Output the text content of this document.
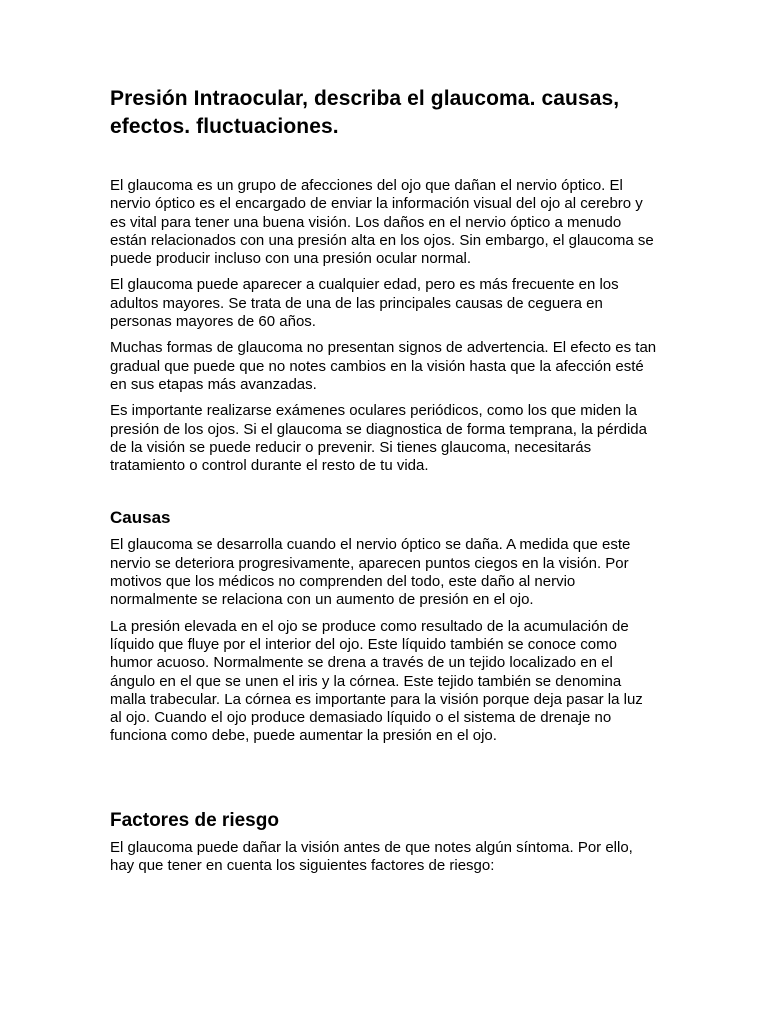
Presión Intraocular, describa el glaucoma. causas, efectos. fluctuaciones.

El glaucoma es un grupo de afecciones del ojo que dañan el nervio óptico. El nervio óptico es el encargado de enviar la información visual del ojo al cerebro y es vital para tener una buena visión. Los daños en el nervio óptico a menudo están relacionados con una presión alta en los ojos. Sin embargo, el glaucoma se puede producir incluso con una presión ocular normal.

El glaucoma puede aparecer a cualquier edad, pero es más frecuente en los adultos mayores. Se trata de una de las principales causas de ceguera en personas mayores de 60 años.

Muchas formas de glaucoma no presentan signos de advertencia. El efecto es tan gradual que puede que no notes cambios en la visión hasta que la afección esté en sus etapas más avanzadas.

Es importante realizarse exámenes oculares periódicos, como los que miden la presión de los ojos. Si el glaucoma se diagnostica de forma temprana, la pérdida de la visión se puede reducir o prevenir. Si tienes glaucoma, necesitarás tratamiento o control durante el resto de tu vida.

Causas

El glaucoma se desarrolla cuando el nervio óptico se daña. A medida que este nervio se deteriora progresivamente, aparecen puntos ciegos en la visión. Por motivos que los médicos no comprenden del todo, este daño al nervio normalmente se relaciona con un aumento de presión en el ojo.

La presión elevada en el ojo se produce como resultado de la acumulación de líquido que fluye por el interior del ojo. Este líquido también se conoce como humor acuoso. Normalmente se drena a través de un tejido localizado en el ángulo en el que se unen el iris y la córnea. Este tejido también se denomina malla trabecular. La córnea es importante para la visión porque deja pasar la luz al ojo. Cuando el ojo produce demasiado líquido o el sistema de drenaje no funciona como debe, puede aumentar la presión en el ojo.

Factores de riesgo

El glaucoma puede dañar la visión antes de que notes algún síntoma. Por ello, hay que tener en cuenta los siguientes factores de riesgo:
